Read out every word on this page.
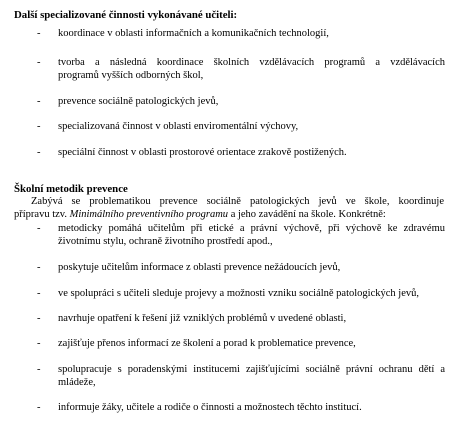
Další specializované činnosti vykonávané učiteli:
-	koordinace v oblasti informačních a komunikačních technologií,
-	tvorba a následná koordinace školních vzdělávacích programů a vzdělávacích
programů vyšších odborných škol,
-	prevence sociálně patologických jevů,
-	specializovaná činnost v oblasti enviromentální výchovy,
-	speciální činnost v oblasti prostorové orientace zrakově postižených.
Školní metodik prevence
Zabývá se problematikou prevence sociálně patologických jevů ve škole, koordinuje
přípravu tzv. Minimálního preventivního programu a jeho zavádění na škole. Konkrétně:
-	metodicky pomáhá učitelům při etické a právní výchově, při výchově ke zdravému
životnímu stylu, ochraně životního prostředí apod.,
-	poskytuje učitelům informace z oblasti prevence nežádoucích jevů,
-	ve spolupráci s učiteli sleduje projevy a možnosti vzniku sociálně patologických jevů,
-	navrhuje opatření k řešení již vzniklých problémů v uvedené oblasti,
-	zajišťuje přenos informací ze školení a porad k problematice prevence,
-	spolupracuje s poradenskými institucemi zajišťujícími sociálně právní ochranu dětí a
mládeže,
-	informuje žáky, učitele a rodiče o činnosti a možnostech těchto institucí.
